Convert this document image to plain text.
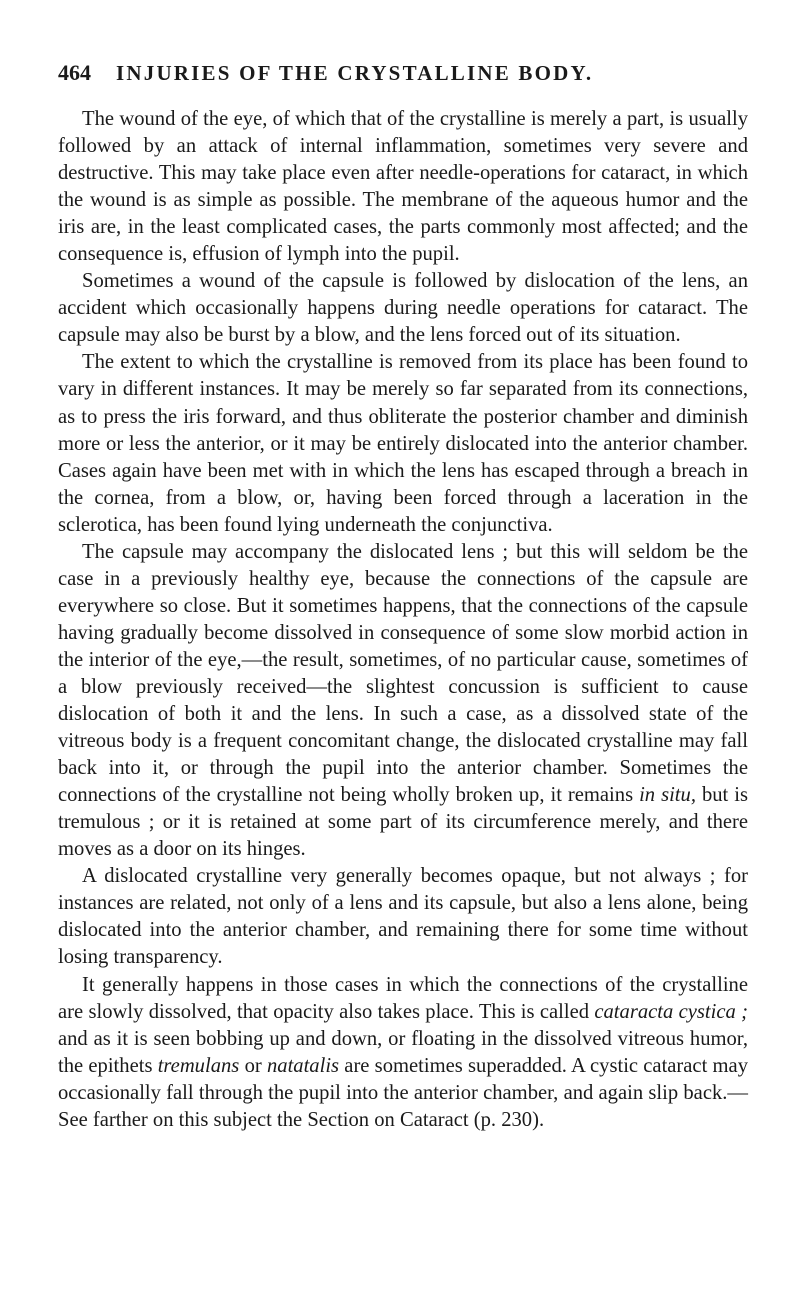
464 INJURIES OF THE CRYSTALLINE BODY.

The wound of the eye, of which that of the crystalline is merely a part, is usually followed by an attack of internal inflammation, sometimes very severe and destructive. This may take place even after needle-operations for cataract, in which the wound is as simple as possible. The membrane of the aqueous humor and the iris are, in the least complicated cases, the parts commonly most affected; and the consequence is, effusion of lymph into the pupil.

Sometimes a wound of the capsule is followed by dislocation of the lens, an accident which occasionally happens during needle operations for cataract. The capsule may also be burst by a blow, and the lens forced out of its situation.

The extent to which the crystalline is removed from its place has been found to vary in different instances. It may be merely so far separated from its connections, as to press the iris forward, and thus obliterate the posterior chamber and diminish more or less the anterior, or it may be entirely dislocated into the anterior chamber. Cases again have been met with in which the lens has escaped through a breach in the cornea, from a blow, or, having been forced through a laceration in the sclerotica, has been found lying underneath the conjunctiva.

The capsule may accompany the dislocated lens ; but this will seldom be the case in a previously healthy eye, because the connections of the capsule are everywhere so close. But it sometimes happens, that the connections of the capsule having gradually become dissolved in consequence of some slow morbid action in the interior of the eye,—the result, sometimes, of no particular cause, sometimes of a blow previously received—the slightest concussion is sufficient to cause dislocation of both it and the lens. In such a case, as a dissolved state of the vitreous body is a frequent concomitant change, the dislocated crystalline may fall back into it, or through the pupil into the anterior chamber. Sometimes the connections of the crystalline not being wholly broken up, it remains in situ, but is tremulous ; or it is retained at some part of its circumference merely, and there moves as a door on its hinges.

A dislocated crystalline very generally becomes opaque, but not always ; for instances are related, not only of a lens and its capsule, but also a lens alone, being dislocated into the anterior chamber, and remaining there for some time without losing transparency.

It generally happens in those cases in which the connections of the crystalline are slowly dissolved, that opacity also takes place. This is called cataracta cystica ; and as it is seen bobbing up and down, or floating in the dissolved vitreous humor, the epithets tremulans or natatalis are sometimes superadded. A cystic cataract may occasionally fall through the pupil into the anterior chamber, and again slip back.—See farther on this subject the Section on Cataract (p. 230).
